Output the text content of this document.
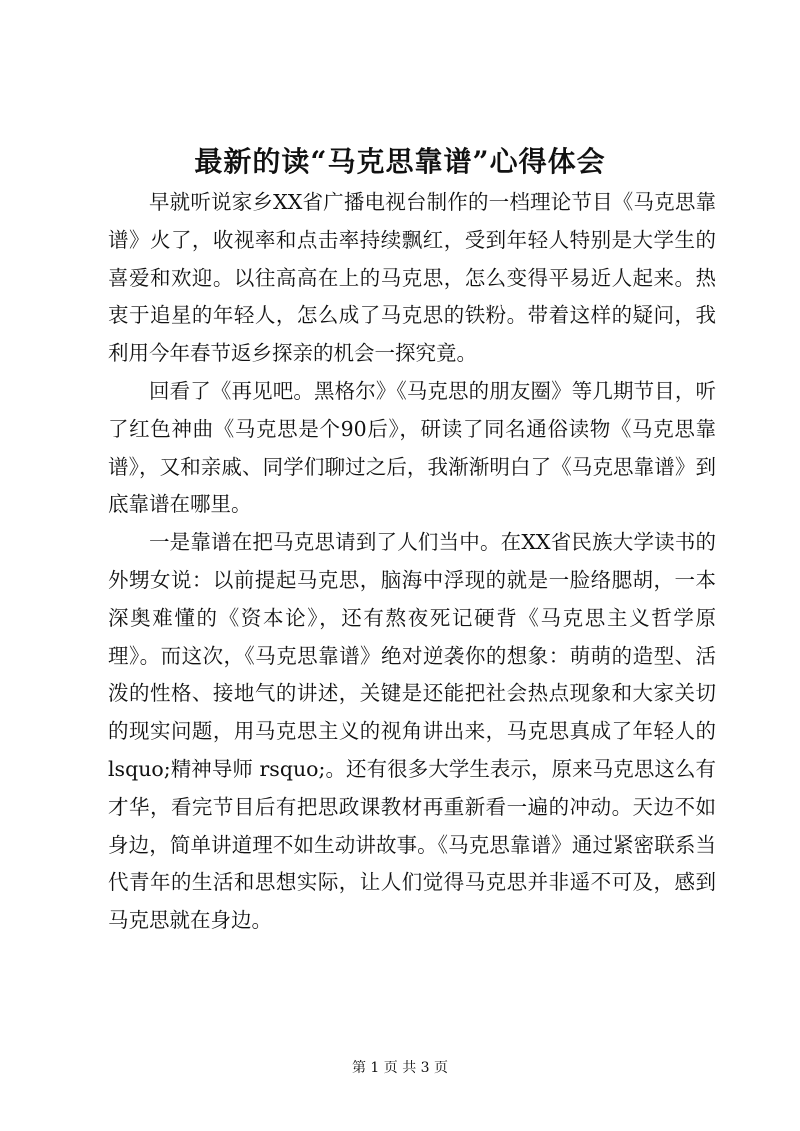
最新的读“马克思靠谱”心得体会

早就听说家乡XX省广播电视台制作的一档理论节目《马克思靠谱》火了，收视率和点击率持续飘红，受到年轻人特别是大学生的喜爱和欢迎。以往高高在上的马克思，怎么变得平易近人起来。热衷于追星的年轻人，怎么成了马克思的铁粉。带着这样的疑问，我利用今年春节返乡探亲的机会一探究竟。

回看了《再见吧。黑格尔》《马克思的朋友圈》等几期节目，听了红色神曲《马克思是个90后》，研读了同名通俗读物《马克思靠谱》，又和亲戚、同学们聊过之后，我渐渐明白了《马克思靠谱》到底靠谱在哪里。

一是靠谱在把马克思请到了人们当中。在XX省民族大学读书的外甥女说：以前提起马克思，脑海中浮现的就是一脸络腮胡，一本深奥难懂的《资本论》，还有熬夜死记硬背《马克思主义哲学原理》。而这次，《马克思靠谱》绝对逆袭你的想象：萌萌的造型、活泼的性格、接地气的讲述，关键是还能把社会热点现象和大家关切的现实问题，用马克思主义的视角讲出来，马克思真成了年轻人的 lsquo;精神导师 rsquo;。还有很多大学生表示，原来马克思这么有才华，看完节目后有把思政课教材再重新看一遍的冲动。天边不如身边，简单讲道理不如生动讲故事。《马克思靠谱》通过紧密联系当代青年的生活和思想实际，让人们觉得马克思并非遥不可及，感到马克思就在身边。

第 1 页 共 3 页
